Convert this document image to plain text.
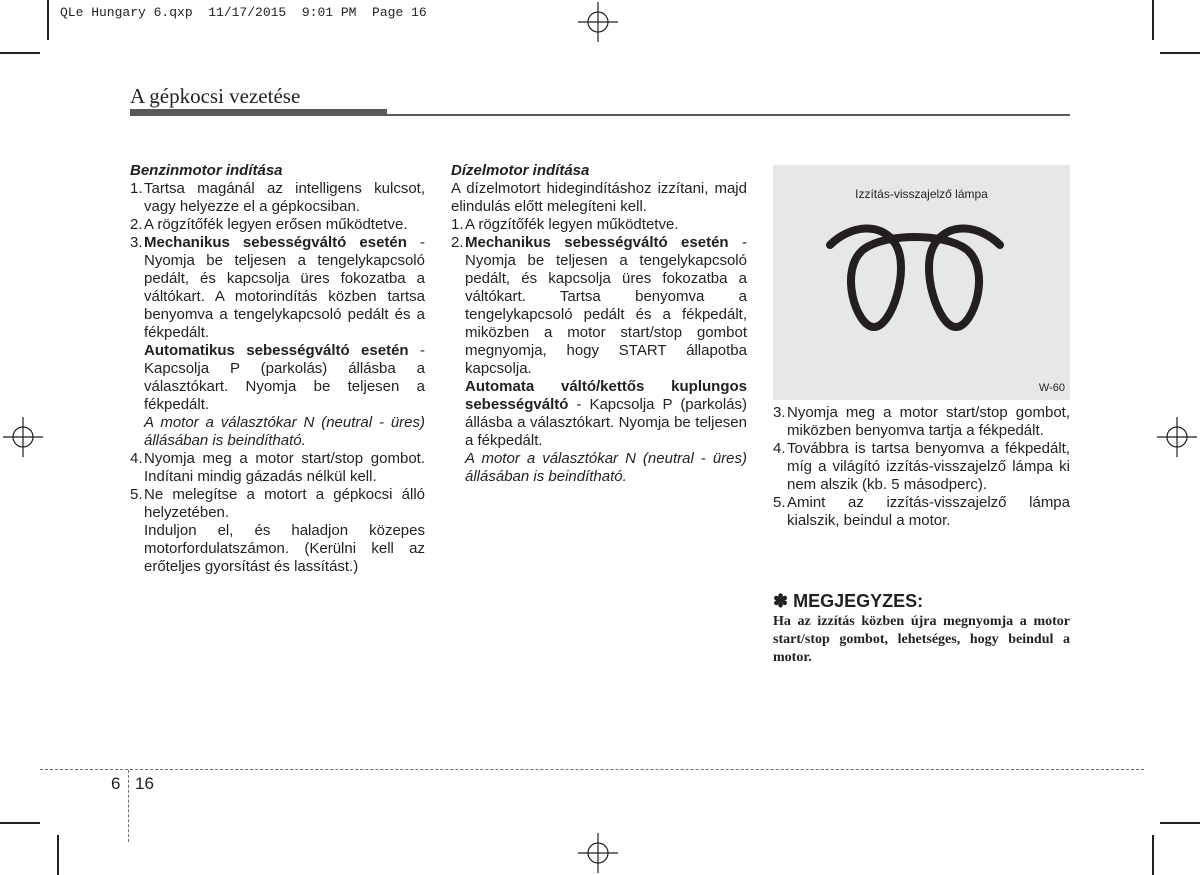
QLe Hungary 6.qxp  11/17/2015  9:01 PM  Page 16
A gépkocsi vezetése

Benzinmotor indítása

1. Tartsa magánál az intelligens kulcsot, vagy helyezze el a gépkocsiban.
2. A rögzítőfék legyen erősen működtetve.
3. Mechanikus sebességváltó esetén - Nyomja be teljesen a tengelykapcsoló pedált, és kapcsolja üres fokozatba a váltókart. A motorindítás közben tartsa benyomva a tengelykapcsoló pedált és a fékpedált.

Automatikus sebességváltó esetén - Kapcsolja P (parkolás) állásba a választókart. Nyomja be teljesen a fékpedált.

A motor a választókar N (neutral - üres) állásában is beindítható.

4. Nyomja meg a motor start/stop gombot. Indítani mindig gázadás nélkül kell.
5. Ne melegítse a motort a gépkocsi álló helyzetében.

Induljon el, és haladjon közepes motorfordulatszámon. (Kerülni kell az erőteljes gyorsítást és lassítást.)

Dízelmotor indítása

A dízelmotort hidegindításhoz izzítani, majd elindulás előtt melegíteni kell.

1. A rögzítőfék legyen működtetve.
2. Mechanikus sebességváltó esetén - Nyomja be teljesen a tengelykapcsoló pedált, és kapcsolja üres fokozatba a váltókart. Tartsa benyomva a tengelykapcsoló pedált és a fékpedált, miközben a motor start/stop gombot megnyomja, hogy START állapotba kapcsolja.

Automata váltó/kettős kuplungos sebességváltó - Kapcsolja P (parkolás) állásba a választókart. Nyomja be teljesen a fékpedált.

A motor a választókar N (neutral - üres) állásában is beindítható.

Izzítás-visszajelző lámpa
W-60
3. Nyomja meg a motor start/stop gombot, miközben benyomva tartja a fékpedált.
4. Továbbra is tartsa benyomva a fékpedált, míg a világító izzítás-visszajelző lámpa ki nem alszik (kb. 5 másodperc).
5. Amint az izzítás-visszajelző lámpa kialszik, beindul a motor.
✽ MEGJEGYZES:
Ha az izzítás közben újra megnyomja a motor start/stop gombot, lehetséges, hogy beindul a motor.
6 16
